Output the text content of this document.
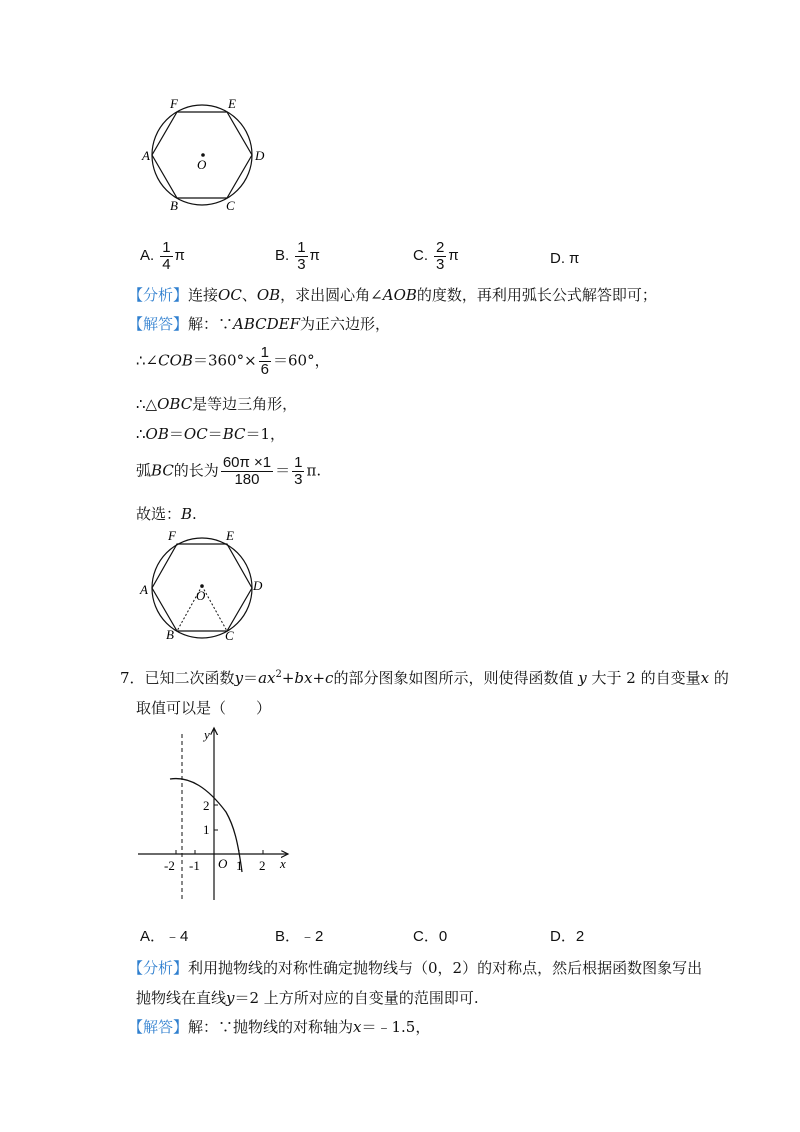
F	E
A	D
O
B	C
A. $\frac{1}{4}$ π	B. $\frac{1}{3}$ π	C. $\frac{2}{3}$ π	D. π
【分析】连接OC、OB，求出圆心角∠AOB的度数，再利用弧长公式解答即可；
【解答】解：∵ABCDEF为正六边形，
∴∠COB＝360°× $\frac{1}{6} =60^\circ$，
∴△OBC是等边三角形，
∴OB＝OC＝BC＝1，
弧BC的长为 $\frac{60\pi \times 1}{180} = \frac{1}{3} \pi$.
故选：B.
F	E
A	D
O
B	C
7．已知二次函数$y=ax^2+bx+c$的部分图象如图所示，则使得函数值 y 大于 2 的自变量x 的
取值可以是（　　）
y
x
O
-2 -1	1 2
2
1
A．﹣4	B．﹣2	C．0	D．2
【分析】利用抛物线的对称性确定抛物线与（0，2）的对称点，然后根据函数图象写出
抛物线在直线y＝2 上方所对应的自变量的范围即可.
【解答】解：∵抛物线的对称轴为x＝﹣1.5，
